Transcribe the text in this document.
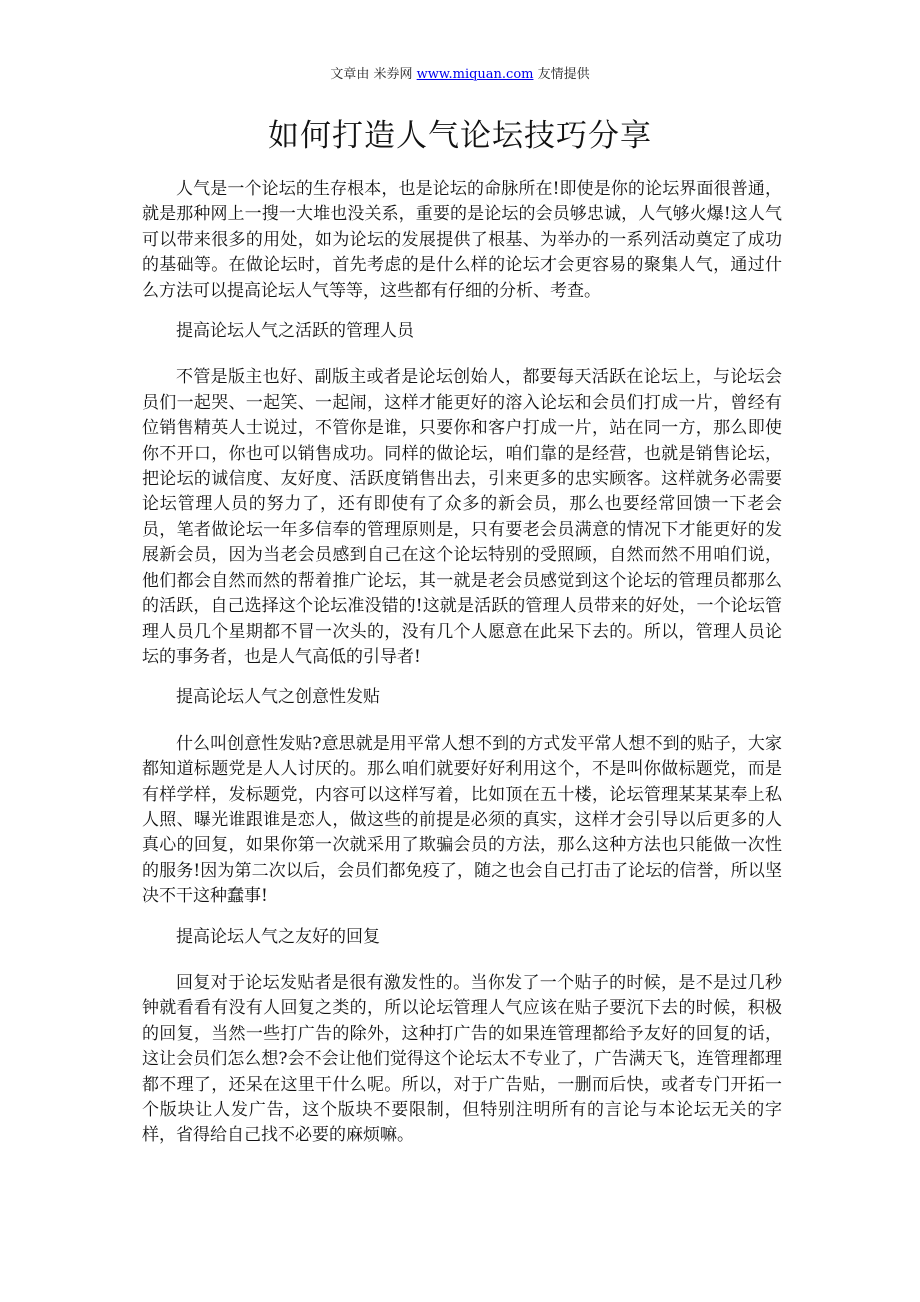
文章由 米券网 www.miquan.com 友情提供
如何打造人气论坛技巧分享

人气是一个论坛的生存根本，也是论坛的命脉所在!即使是你的论坛界面很普通，就是那种网上一搜一大堆也没关系，重要的是论坛的会员够忠诚，人气够火爆!这人气可以带来很多的用处，如为论坛的发展提供了根基、为举办的一系列活动奠定了成功的基础等。在做论坛时，首先考虑的是什么样的论坛才会更容易的聚集人气，通过什么方法可以提高论坛人气等等，这些都有仔细的分析、考查。

提高论坛人气之活跃的管理人员

不管是版主也好、副版主或者是论坛创始人，都要每天活跃在论坛上，与论坛会员们一起哭、一起笑、一起闹，这样才能更好的溶入论坛和会员们打成一片，曾经有位销售精英人士说过，不管你是谁，只要你和客户打成一片，站在同一方，那么即使你不开口，你也可以销售成功。同样的做论坛，咱们靠的是经营，也就是销售论坛，把论坛的诚信度、友好度、活跃度销售出去，引来更多的忠实顾客。这样就务必需要论坛管理人员的努力了，还有即使有了众多的新会员，那么也要经常回馈一下老会员，笔者做论坛一年多信奉的管理原则是，只有要老会员满意的情况下才能更好的发展新会员，因为当老会员感到自己在这个论坛特别的受照顾，自然而然不用咱们说，他们都会自然而然的帮着推广论坛，其一就是老会员感觉到这个论坛的管理员都那么的活跃，自己选择这个论坛准没错的!这就是活跃的管理人员带来的好处，一个论坛管理人员几个星期都不冒一次头的，没有几个人愿意在此呆下去的。所以，管理人员论坛的事务者，也是人气高低的引导者!

提高论坛人气之创意性发贴

什么叫创意性发贴?意思就是用平常人想不到的方式发平常人想不到的贴子，大家都知道标题党是人人讨厌的。那么咱们就要好好利用这个，不是叫你做标题党，而是有样学样，发标题党，内容可以这样写着，比如顶在五十楼，论坛管理某某某奉上私人照、曝光谁跟谁是恋人，做这些的前提是必须的真实，这样才会引导以后更多的人真心的回复，如果你第一次就采用了欺骗会员的方法，那么这种方法也只能做一次性的服务!因为第二次以后，会员们都免疫了，随之也会自己打击了论坛的信誉，所以坚决不干这种蠢事!

提高论坛人气之友好的回复

回复对于论坛发贴者是很有激发性的。当你发了一个贴子的时候，是不是过几秒钟就看看有没有人回复之类的，所以论坛管理人气应该在贴子要沉下去的时候，积极的回复，当然一些打广告的除外，这种打广告的如果连管理都给予友好的回复的话，这让会员们怎么想?会不会让他们觉得这个论坛太不专业了，广告满天飞，连管理都理都不理了，还呆在这里干什么呢。所以，对于广告贴，一删而后快，或者专门开拓一个版块让人发广告，这个版块不要限制，但特别注明所有的言论与本论坛无关的字样，省得给自己找不必要的麻烦嘛。
